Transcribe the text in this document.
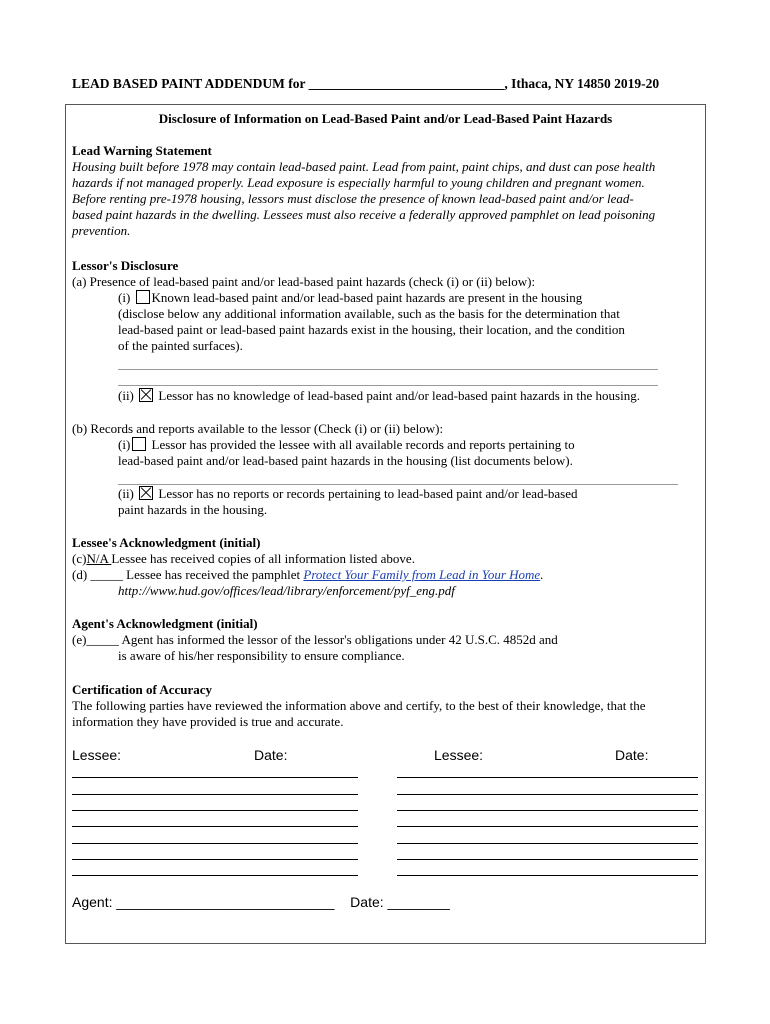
LEAD BASED PAINT ADDENDUM for _____________________________, Ithaca, NY 14850 2019-20
Disclosure of Information on Lead-Based Paint and/or Lead-Based Paint Hazards
Lead Warning Statement
Housing built before 1978 may contain lead-based paint. Lead from paint, paint chips, and dust can pose health
hazards if not managed properly. Lead exposure is especially harmful to young children and pregnant women.
Before renting pre-1978 housing, lessors must disclose the presence of known lead-based paint and/or lead-
based paint hazards in the dwelling. Lessees must also receive a federally approved pamphlet on lead poisoning
prevention.
Lessor's Disclosure
(a) Presence of lead-based paint and/or lead-based paint hazards (check (i) or (ii) below):
(i) Known lead-based paint and/or lead-based paint hazards are present in the housing
(disclose below any additional information available, such as the basis for the determination that
lead-based paint or lead-based paint hazards exist in the housing, their location, and the condition
of the painted surfaces).
(ii) Lessor has no knowledge of lead-based paint and/or lead-based paint hazards in the housing.
(b) Records and reports available to the lessor (Check (i) or (ii) below):
(i) Lessor has provided the lessee with all available records and reports pertaining to
lead-based paint and/or lead-based paint hazards in the housing (list documents below).
(ii) Lessor has no reports or records pertaining to lead-based paint and/or lead-based
paint hazards in the housing.
Lessee's Acknowledgment (initial)
(c)N/A Lessee has received copies of all information listed above.
(d) _____ Lessee has received the pamphlet Protect Your Family from Lead in Your Home.
http://www.hud.gov/offices/lead/library/enforcement/pyf_eng.pdf
Agent's Acknowledgment (initial)
(e)_____ Agent has informed the lessor of the lessor's obligations under 42 U.S.C. 4852d and
is aware of his/her responsibility to ensure compliance.
Certification of Accuracy
The following parties have reviewed the information above and certify, to the best of their knowledge, that the
information they have provided is true and accurate.
Lessee:	Date:	Lessee:	Date:
Agent: ____________________________ Date: ________
